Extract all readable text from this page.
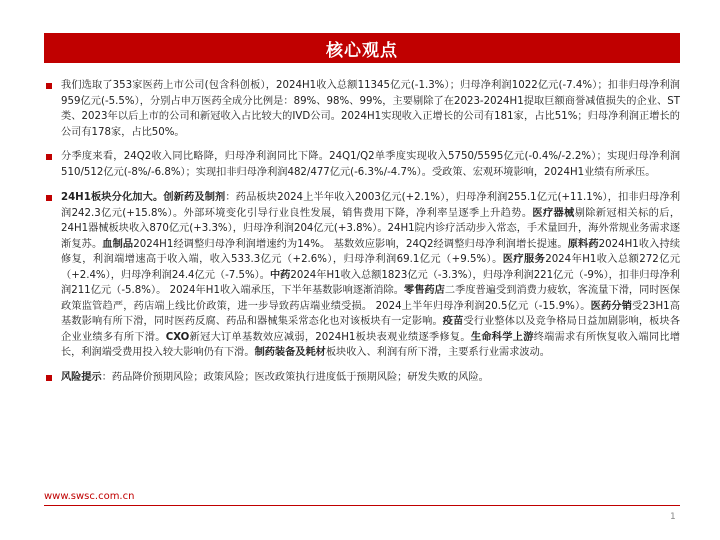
核心观点
我们选取了353家医药上市公司(包含科创板），2024H1收入总额11345亿元(-1.3%）；归母净利润1022亿元(-7.4%）；扣非归母净利润959亿元(-5.5%），分别占申万医药全成分比例是：89%、98%、99%，主要剔除了在2023-2024H1提取巨额商誉减值损失的企业、ST类、2023年以后上市的公司和新冠收入占比较大的IVD公司。2024H1实现收入正增长的公司有181家，占比51%；归母净利润正增长的公司有178家，占比50%。
分季度来看，24Q2收入同比略降，归母净利润同比下降。24Q1/Q2单季度实现收入5750/5595亿元(-0.4%/-2.2%）；实现归母净利润510/512亿元(-8%/-6.8%）；实现扣非归母净利润482/477亿元(-6.3%/-4.7%）。受政策、宏观环境影响，2024H1业绩有所承压。
24H1板块分化加大。创新药及制剂：药品板块2024上半年收入2003亿元(+2.1%），归母净利润255.1亿元(+11.1%），扣非归母净利润242.3亿元(+15.8%）。外部环境变化引导行业良性发展，销售费用下降，净利率呈逐季上升趋势。医疗器械剔除新冠相关标的后，24H1器械板块收入870亿元(+3.3%），归母净利润204亿元(+3.8%）。24H1院内诊疗活动步入常态，手术量回升，海外常规业务需求逐渐复苏。血制品2024H1经调整归母净利润增速约为14%。 基数效应影响，24Q2经调整归母净利润增长提速。原料药2024H1收入持续修复，利润端增速高于收入端，收入533.3亿元（+2.6%），归母净利润69.1亿元（+9.5%）。医疗服务2024年H1收入总额272亿元（+2.4%），归母净利润24.4亿元（-7.5%）。中药2024年H1收入总额1823亿元（-3.3%），归母净利润221亿元（-9%），扣非归母净利润211亿元（-5.8%）。 2024年H1收入端承压，下半年基数影响逐渐消除。零售药店二季度普遍受到消费力疲软，客流量下滑，同时医保政策监管趋严，药店端上线比价政策，进一步导致药店端业绩受损。 2024上半年归母净利润20.5亿元（-15.9%）。医药分销受23H1高基数影响有所下滑，同时医药反腐、药品和器械集采常态化也对该板块有一定影响。疫苗受行业整体以及竞争格局日益加剧影响，板块各企业业绩多有所下滑。CXO新冠大订单基数效应减弱，2024H1板块表观业绩逐季修复。生命科学上游终端需求有所恢复收入端同比增长，利润端受费用投入较大影响仍有下滑。制药装备及耗材板块收入、利润有所下滑，主要系行业需求波动。
风险提示：药品降价预期风险；政策风险；医改政策执行进度低于预期风险；研发失败的风险。
www.swsc.com.cn
1
